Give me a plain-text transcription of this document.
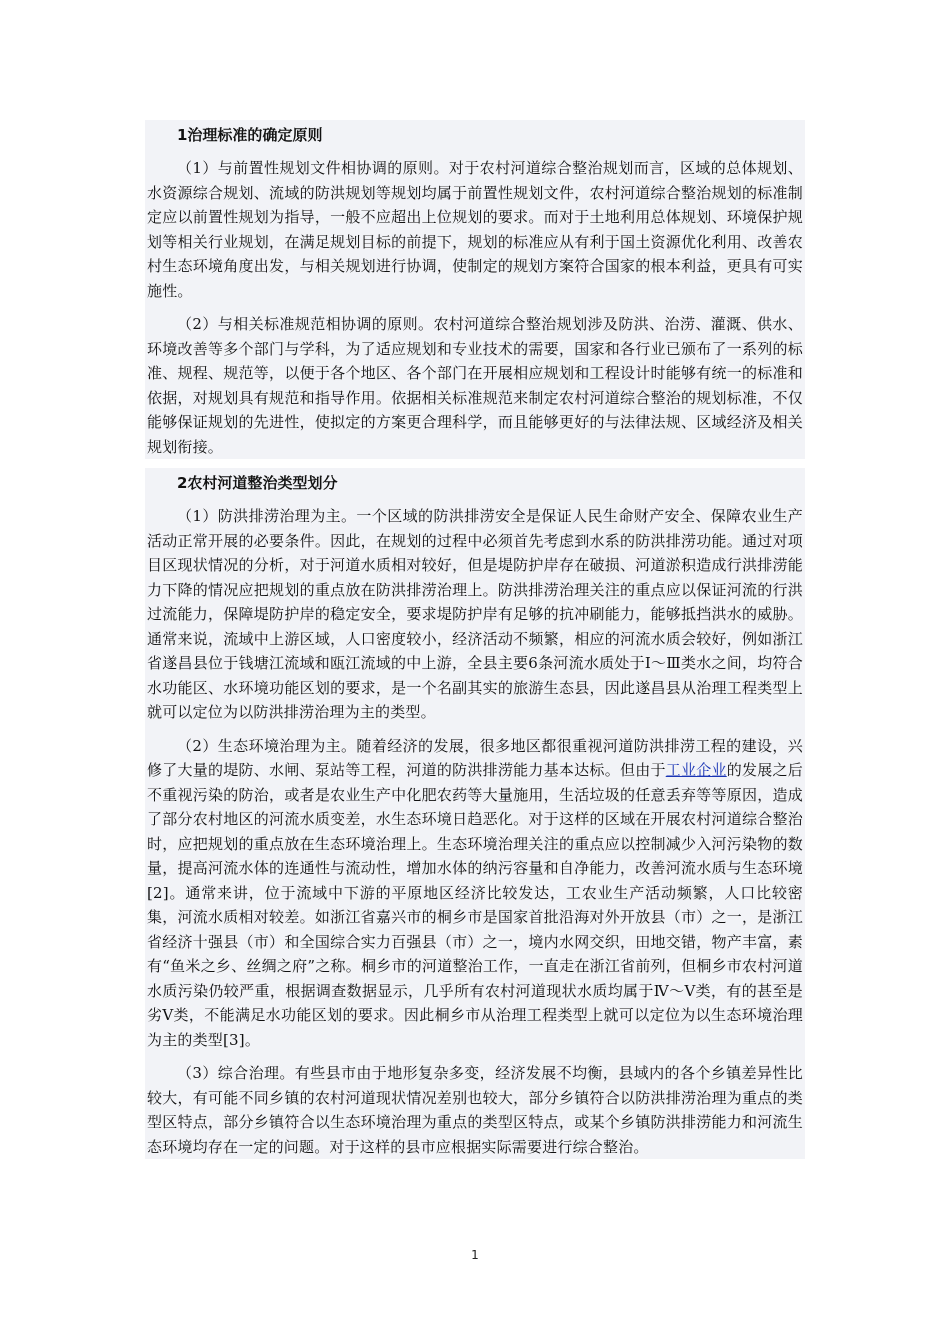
1治理标准的确定原则

（1）与前置性规划文件相协调的原则。对于农村河道综合整治规划而言，区域的总体规划、水资源综合规划、流域的防洪规划等规划均属于前置性规划文件，农村河道综合整治规划的标准制定应以前置性规划为指导，一般不应超出上位规划的要求。而对于土地利用总体规划、环境保护规划等相关行业规划，在满足规划目标的前提下，规划的标准应从有利于国土资源优化利用、改善农村生态环境角度出发，与相关规划进行协调，使制定的规划方案符合国家的根本利益，更具有可实施性。

（2）与相关标准规范相协调的原则。农村河道综合整治规划涉及防洪、治涝、灌溉、供水、环境改善等多个部门与学科，为了适应规划和专业技术的需要，国家和各行业已颁布了一系列的标准、规程、规范等，以便于各个地区、各个部门在开展相应规划和工程设计时能够有统一的标准和依据，对规划具有规范和指导作用。依据相关标准规范来制定农村河道综合整治的规划标准，不仅能够保证规划的先进性，使拟定的方案更合理科学，而且能够更好的与法律法规、区域经济及相关规划衔接。

2农村河道整治类型划分

（1）防洪排涝治理为主。一个区域的防洪排涝安全是保证人民生命财产安全、保障农业生产活动正常开展的必要条件。因此，在规划的过程中必须首先考虑到水系的防洪排涝功能。通过对项目区现状情况的分析，对于河道水质相对较好，但是堤防护岸存在破损、河道淤积造成行洪排涝能力下降的情况应把规划的重点放在防洪排涝治理上。防洪排涝治理关注的重点应以保证河流的行洪过流能力，保障堤防护岸的稳定安全，要求堤防护岸有足够的抗冲刷能力，能够抵挡洪水的威胁。通常来说，流域中上游区域，人口密度较小，经济活动不频繁，相应的河流水质会较好，例如浙江省遂昌县位于钱塘江流域和瓯江流域的中上游，全县主要6条河流水质处于Ⅰ～Ⅲ类水之间，均符合水功能区、水环境功能区划的要求，是一个名副其实的旅游生态县，因此遂昌县从治理工程类型上就可以定位为以防洪排涝治理为主的类型。

（2）生态环境治理为主。随着经济的发展，很多地区都很重视河道防洪排涝工程的建设，兴修了大量的堤防、水闸、泵站等工程，河道的防洪排涝能力基本达标。但由于工业企业的发展之后不重视污染的防治，或者是农业生产中化肥农药等大量施用，生活垃圾的任意丢弃等等原因，造成了部分农村地区的河流水质变差，水生态环境日趋恶化。对于这样的区域在开展农村河道综合整治时，应把规划的重点放在生态环境治理上。生态环境治理关注的重点应以控制减少入河污染物的数量，提高河流水体的连通性与流动性，增加水体的纳污容量和自净能力，改善河流水质与生态环境[2]。通常来讲，位于流域中下游的平原地区经济比较发达，工农业生产活动频繁，人口比较密集，河流水质相对较差。如浙江省嘉兴市的桐乡市是国家首批沿海对外开放县（市）之一，是浙江省经济十强县（市）和全国综合实力百强县（市）之一，境内水网交织，田地交错，物产丰富，素有“鱼米之乡、丝绸之府”之称。桐乡市的河道整治工作，一直走在浙江省前列，但桐乡市农村河道水质污染仍较严重，根据调查数据显示，几乎所有农村河道现状水质均属于Ⅳ～Ⅴ类，有的甚至是劣Ⅴ类，不能满足水功能区划的要求。因此桐乡市从治理工程类型上就可以定位为以生态环境治理为主的类型[3]。

（3）综合治理。有些县市由于地形复杂多变，经济发展不均衡，县域内的各个乡镇差异性比较大，有可能不同乡镇的农村河道现状情况差别也较大，部分乡镇符合以防洪排涝治理为重点的类型区特点，部分乡镇符合以生态环境治理为重点的类型区特点，或某个乡镇防洪排涝能力和河流生态环境均存在一定的问题。对于这样的县市应根据实际需要进行综合整治。

1
